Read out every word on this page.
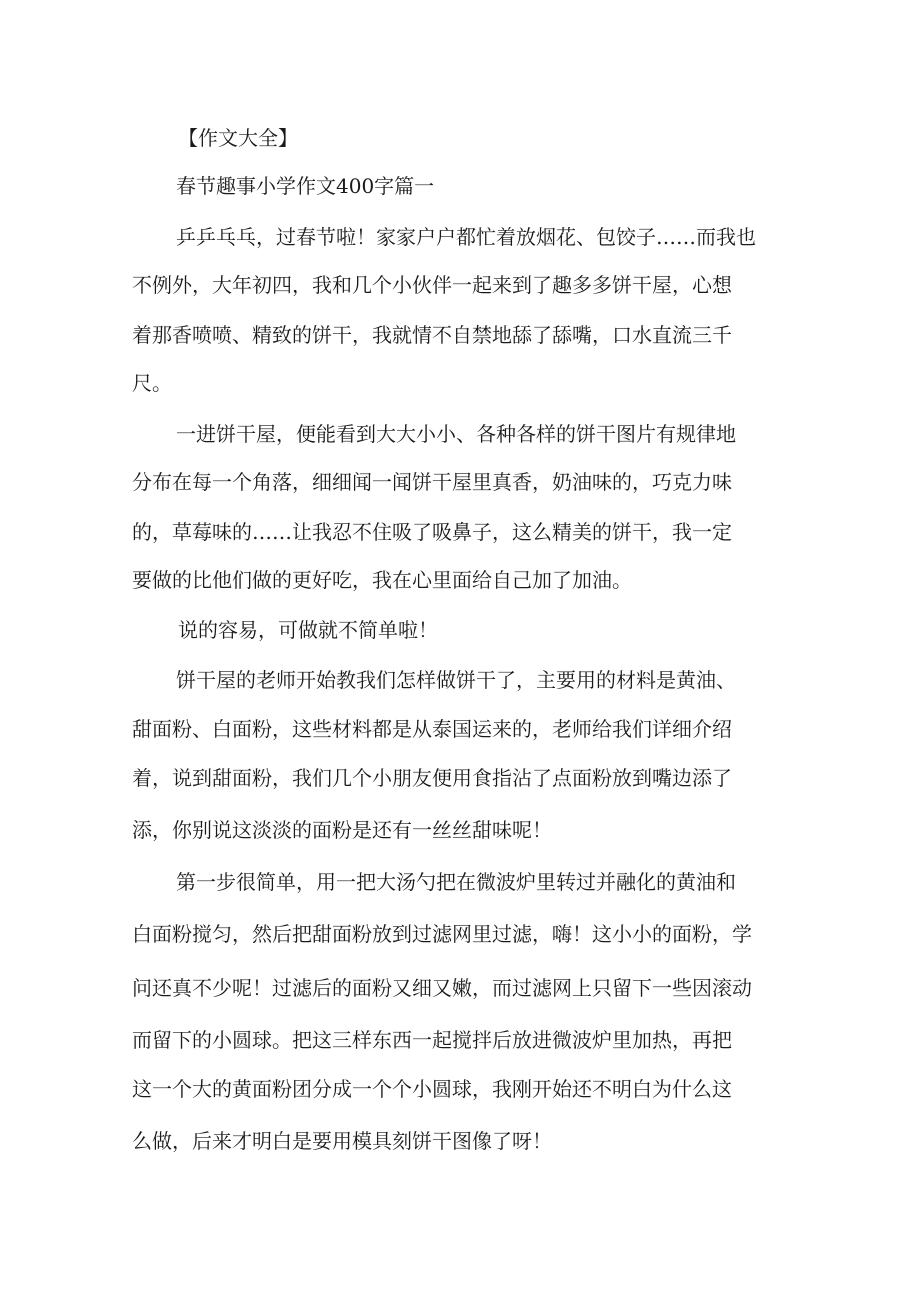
【作文大全】
春节趣事小学作文400字篇一
乒乒乓乓，过春节啦！家家户户都忙着放烟花、包饺子……而我也
不例外，大年初四，我和几个小伙伴一起来到了趣多多饼干屋，心想
着那香喷喷、精致的饼干，我就情不自禁地舔了舔嘴，口水直流三千
尺。
一进饼干屋，便能看到大大小小、各种各样的饼干图片有规律地
分布在每一个角落，细细闻一闻饼干屋里真香，奶油味的，巧克力味
的，草莓味的……让我忍不住吸了吸鼻子，这么精美的饼干，我一定
要做的比他们做的更好吃，我在心里面给自己加了加油。
说的容易，可做就不简单啦！
饼干屋的老师开始教我们怎样做饼干了，主要用的材料是黄油、
甜面粉、白面粉，这些材料都是从泰国运来的，老师给我们详细介绍
着，说到甜面粉，我们几个小朋友便用食指沾了点面粉放到嘴边添了
添，你别说这淡淡的面粉是还有一丝丝甜味呢！
第一步很简单，用一把大汤勺把在微波炉里转过并融化的黄油和
白面粉搅匀，然后把甜面粉放到过滤网里过滤，嗨！这小小的面粉，学
问还真不少呢！过滤后的面粉又细又嫩，而过滤网上只留下一些因滚动
而留下的小圆球。把这三样东西一起搅拌后放进微波炉里加热，再把
这一个大的黄面粉团分成一个个小圆球，我刚开始还不明白为什么这
么做，后来才明白是要用模具刻饼干图像了呀！
